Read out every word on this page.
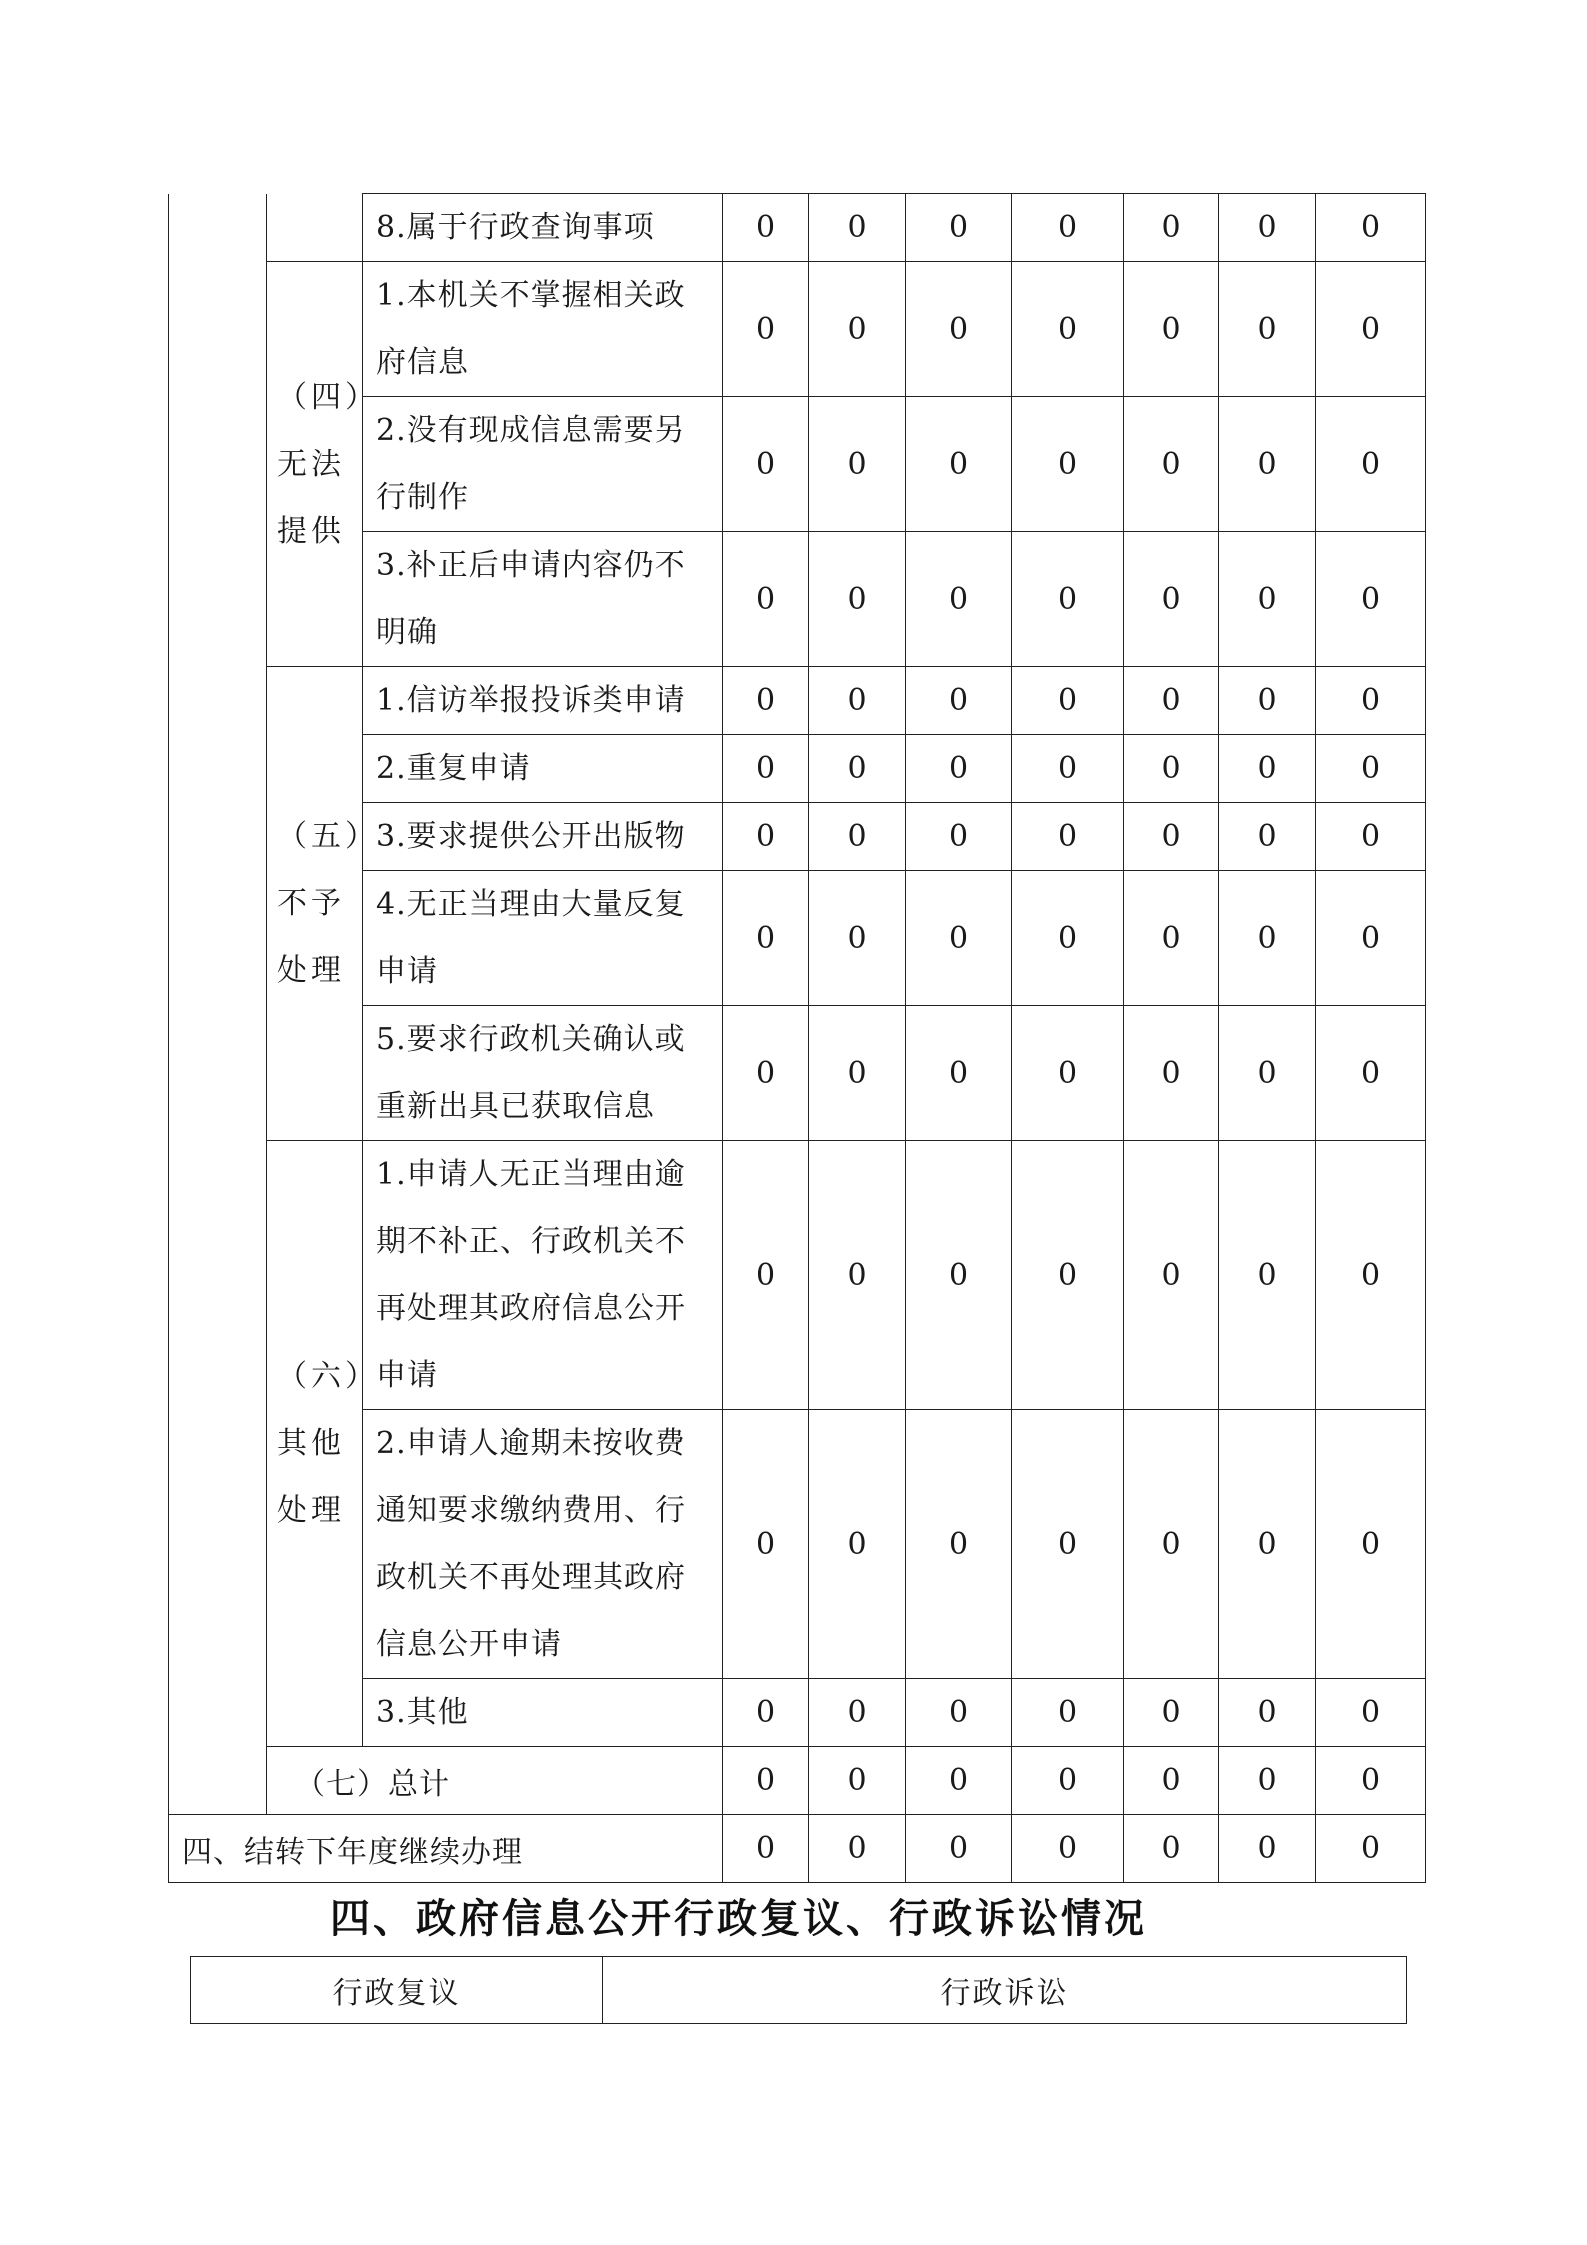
		8.属于行政查询事项	0	0	0	0	0	0	0
	（四）无法提供	1.本机关不掌握相关政府信息	0	0	0	0	0	0	0
		2.没有现成信息需要另行制作	0	0	0	0	0	0	0
		3.补正后申请内容仍不明确	0	0	0	0	0	0	0
	（五）不予处理	1.信访举报投诉类申请	0	0	0	0	0	0	0
		2.重复申请	0	0	0	0	0	0	0
		3.要求提供公开出版物	0	0	0	0	0	0	0
		4.无正当理由大量反复申请	0	0	0	0	0	0	0
		5.要求行政机关确认或重新出具已获取信息	0	0	0	0	0	0	0
	（六）其他处理	1.申请人无正当理由逾期不补正、行政机关不再处理其政府信息公开申请	0	0	0	0	0	0	0
		2.申请人逾期未按收费通知要求缴纳费用、行政机关不再处理其政府信息公开申请	0	0	0	0	0	0	0
		3.其他	0	0	0	0	0	0	0
	（七）总计		0	0	0	0	0	0	0
四、结转下年度继续办理			0	0	0	0	0	0	0
四、政府信息公开行政复议、行政诉讼情况
行政复议	行政诉讼
